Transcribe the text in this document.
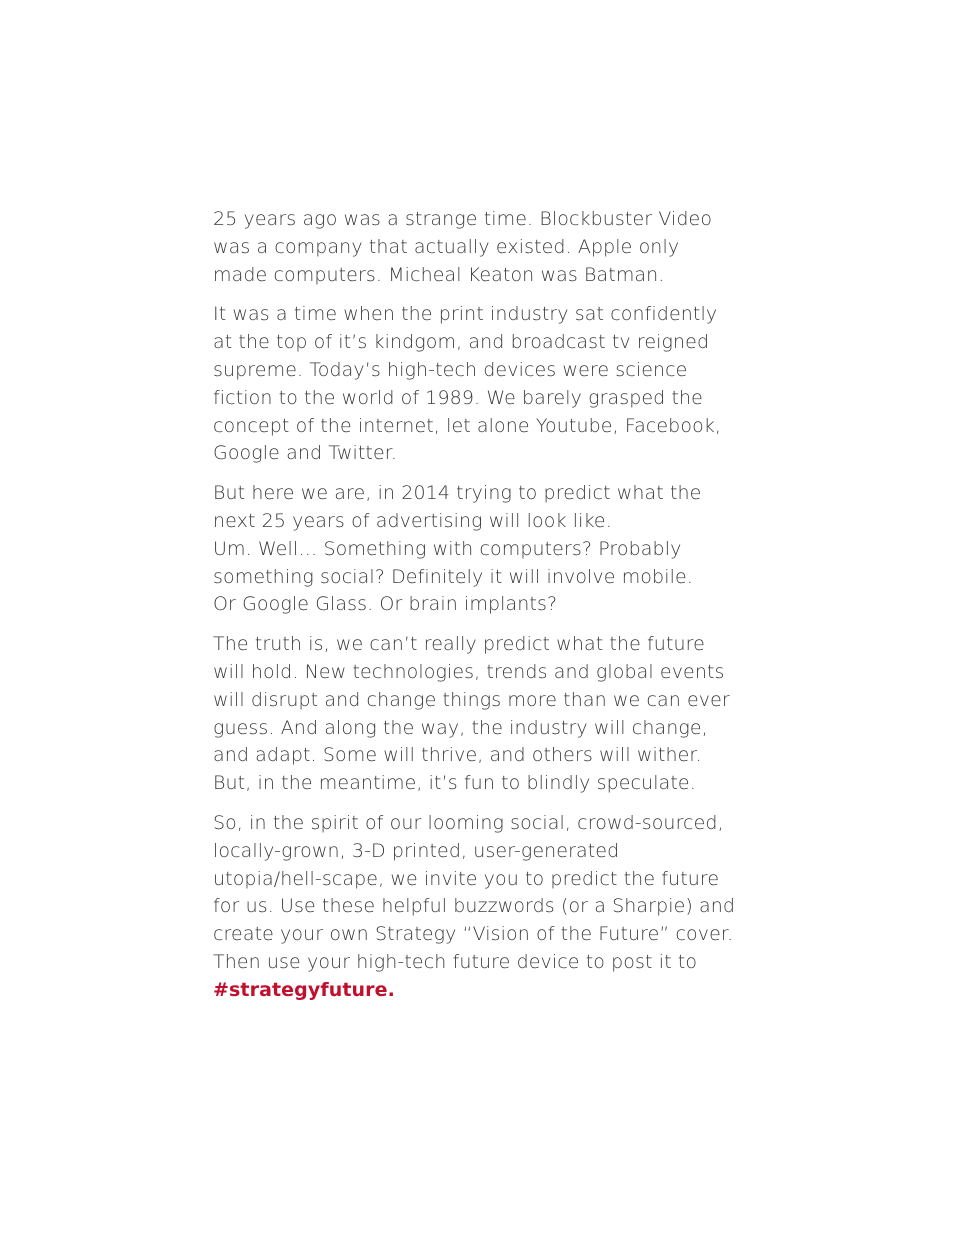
25 years ago was a strange time. Blockbuster Video
was a company that actually existed. Apple only
made computers. Micheal Keaton was Batman.

It was a time when the print industry sat confidently
at the top of it’s kindgom, and broadcast tv reigned
supreme. Today’s high-tech devices were science
fiction to the world of 1989. We barely grasped the
concept of the internet, let alone Youtube, Facebook,
Google and Twitter.

But here we are, in 2014 trying to predict what the
next 25 years of advertising will look like.
Um. Well… Something with computers? Probably
something social? Definitely it will involve mobile.
Or Google Glass. Or brain implants?

The truth is, we can’t really predict what the future
will hold. New technologies, trends and global events
will disrupt and change things more than we can ever
guess. And along the way, the industry will change,
and adapt. Some will thrive, and others will wither.
But, in the meantime, it’s fun to blindly speculate.

So, in the spirit of our looming social, crowd-sourced,
locally-grown, 3-D printed, user-generated
utopia/hell-scape, we invite you to predict the future
for us. Use these helpful buzzwords (or a Sharpie) and
create your own Strategy “Vision of the Future” cover.
Then use your high-tech future device to post it to
#strategyfuture.
